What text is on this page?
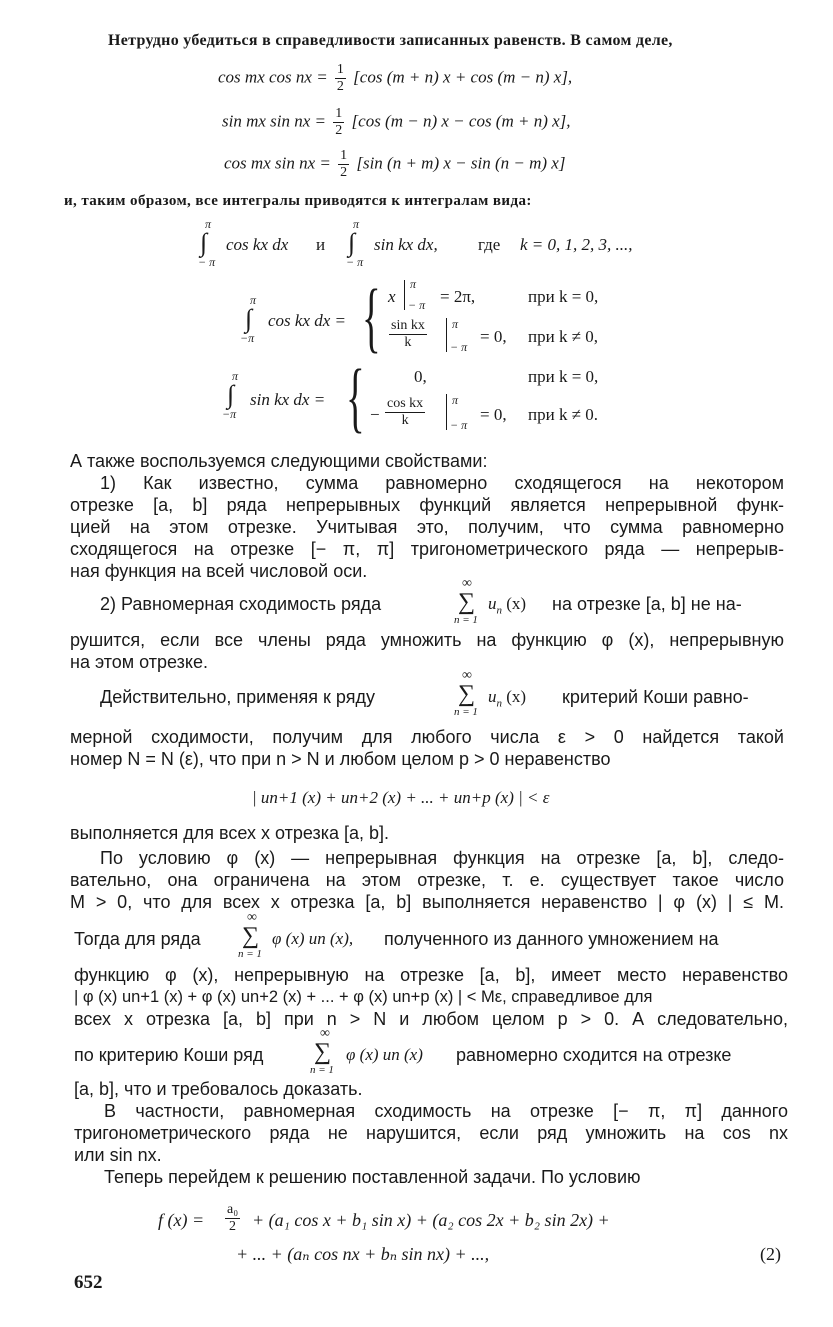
Нетрудно убедиться в справедливости записанных равенств. В самом деле,
cos mx cos nx = $\frac{1}{2} [\cos$ (m + n) x + cos (m − n) x],
sin mx sin nx = $\frac{1}{2} [\cos$ (m − n) x − cos (m + n) x],
cos mx sin nx = $\frac{1}{2} [\sin$ (n + m) x − sin (n − m) x]
и, таким образом, все интегралы приводятся к интегралам вида:
π
∫
− π
cos kx dx и
π
∫
− π
sin kx dx, где k = 0, 1, 2, 3, ...,
π
∫
−π
cos kx dx = { x
π
− π = 2π,	при k = 0,
$\frac{\text{sin kx}}{k}$ π
− π
= 0, при k ≠ 0,
π
∫
−π
sin kx dx = {	0,	при k = 0,
− $\frac{\text{cos kx}}{k}$ π
− π
= 0, при k ≠ 0.
А также воспользуемся следующими свойствами:
1) Как известно, сумма равномерно сходящегося на некотором
отрезке [a, b] ряда непрерывных функций является непрерывной функ-
цией на этом отрезке. Учитывая это, получим, что сумма равномерно
сходящегося на отрезке [− π, π] тригонометрического ряда — непрерыв-
ная функция на всей числовой оси.
2) Равномерная сходимость ряда
∞
∑
n = 1
$u_n$ (x) на отрезке [a, b] не на-
рушится, если все члены ряда умножить на функцию φ (x), непрерывную
на этом отрезке.
Действительно, применяя к ряду
∞
∑
n = 1
$u_n$ (x) критерий Коши равно-
мерной сходимости, получим для любого числа ε > 0 найдется такой
номер N = N (ε), что при n > N и любом целом p > 0 неравенство
| un+1 (x) + un+2 (x) + ... + un+p (x) | < ε
выполняется для всех x отрезка [a, b].
По условию φ (x) — непрерывная функция на отрезке [a, b], следо-
вательно, она ограничена на этом отрезке, т. е. существует такое число
M > 0, что для всех x отрезка [a, b] выполняется неравенство | φ (x) | ≤ M.
Тогда для ряда
∞
∑
n = 1
φ (x) un (x), полученного из данного умножением на
функцию φ (x), непрерывную на отрезке [a, b], имеет место неравенство
| φ (x) un+1 (x) + φ (x) un+2 (x) + ... + φ (x) un+p (x) | < Mε, справедливое для
всех x отрезка [a, b] при n > N и любом целом p > 0. А следовательно,
по критерию Коши ряд
∞
∑
n = 1
φ (x) un (x) равномерно сходится на отрезке
[a, b], что и требовалось доказать.
В частности, равномерная сходимость на отрезке [− π, π] данного
тригонометрического ряда не нарушится, если ряд умножить на cos nx
или sin nx.
Теперь перейдем к решению поставленной задачи. По условию
f $(x) = \frac{\text{a₀}}{2} + (a_1$ cos x + b₁ sin x) + (a₂ cos 2x + b₂ sin 2x) +
+ ... + (aₙ cos nx + bₙ sin nx) + ...,	(2)
652
